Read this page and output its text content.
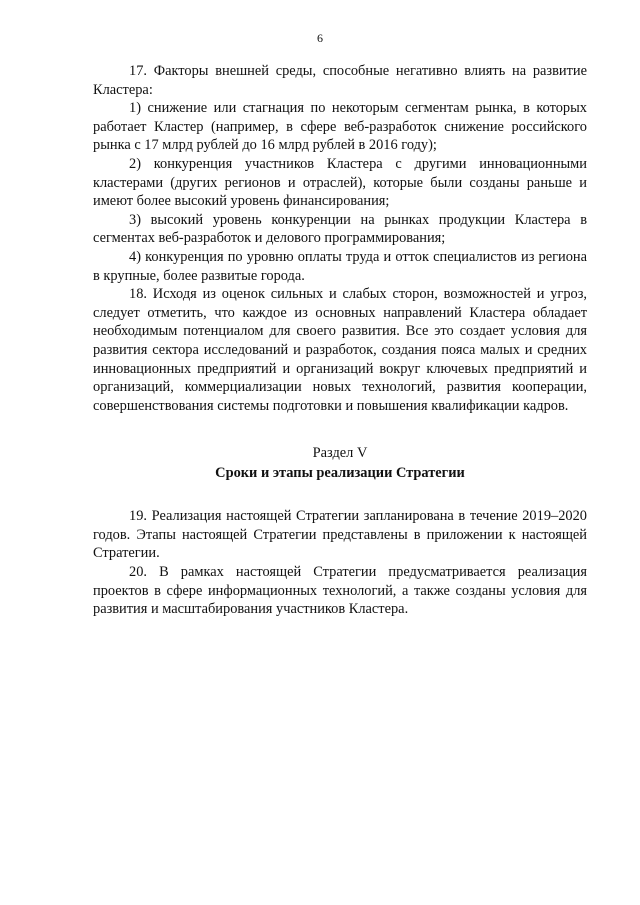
6

17. Факторы внешней среды, способные негативно влиять на развитие Кластера:

1) снижение или стагнация по некоторым сегментам рынка, в которых работает Кластер (например, в сфере веб-разработок снижение российского рынка с 17 млрд рублей до 16 млрд рублей в 2016 году);

2) конкуренция участников Кластера с другими инновационными кластерами (других регионов и отраслей), которые были созданы раньше и имеют более высокий уровень финансирования;

3) высокий уровень конкуренции на рынках продукции Кластера в сегментах веб-разработок и делового программирования;

4) конкуренция по уровню оплаты труда и отток специалистов из региона в крупные, более развитые города.

18. Исходя из оценок сильных и слабых сторон, возможностей и угроз, следует отметить, что каждое из основных направлений Кластера обладает необходимым потенциалом для своего развития. Все это создает условия для развития сектора исследований и разработок, создания пояса малых и средних инновационных предприятий и организаций вокруг ключевых предприятий и организаций, коммерциализации новых технологий, развития кооперации, совершенствования системы подготовки и повышения квалификации кадров.

Раздел V

Сроки и этапы реализации Стратегии

19. Реализация настоящей Стратегии запланирована в течение 2019–2020 годов. Этапы настоящей Стратегии представлены в приложении к настоящей Стратегии.

20. В рамках настоящей Стратегии предусматривается реализация проектов в сфере информационных технологий, а также созданы условия для развития и масштабирования участников Кластера.
